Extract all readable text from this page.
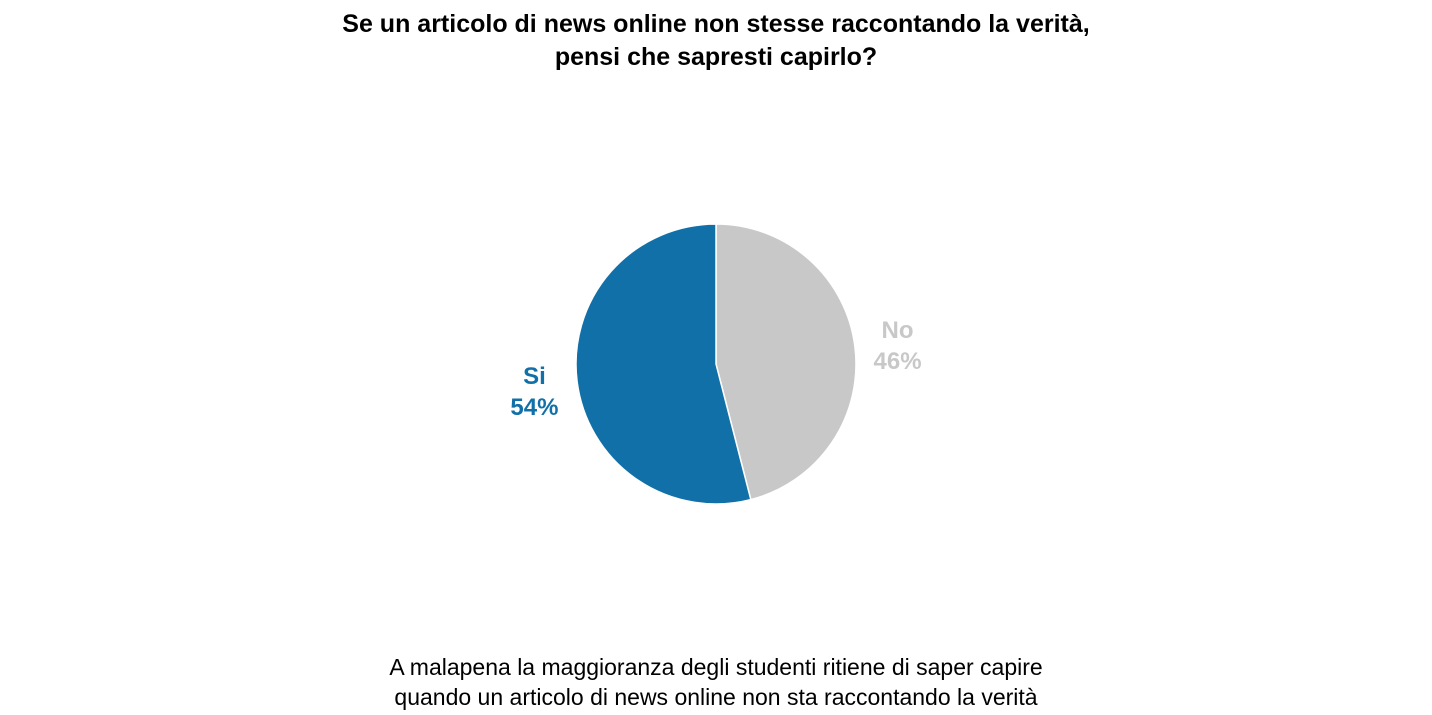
Se un articolo di news online non stesse raccontando la verità,
pensi che sapresti capirlo?
No
46%
Si
54%
A malapena la maggioranza degli studenti ritiene di saper capire
quando un articolo di news online non sta raccontando la verità
